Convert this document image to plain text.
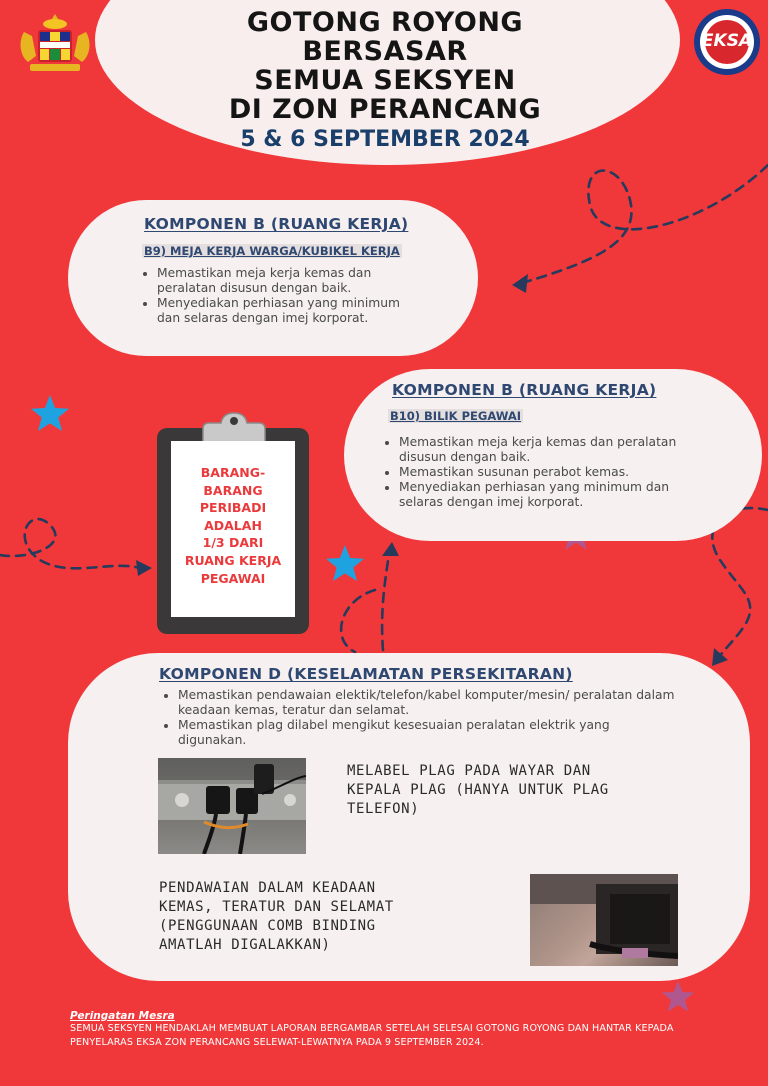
EKSA
GOTONG ROYONG
BERSASAR
SEMUA SEKSYEN
DI ZON PERANCANG
5 & 6 SEPTEMBER 2024
KOMPONEN B (RUANG KERJA)
B9) MEJA KERJA WARGA/KUBIKEL KERJA
• Memastikan meja kerja kemas dan peralatan disusun dengan baik.
• Menyediakan perhiasan yang minimum dan selaras dengan imej korporat.
KOMPONEN B (RUANG KERJA)
B10) BILIK PEGAWAI
• Memastikan meja kerja kemas dan peralatan disusun dengan baik.
• Memastikan susunan perabot kemas.
• Menyediakan perhiasan yang minimum dan selaras dengan imej korporat.
BARANG-
BARANG
PERIBADI
ADALAH
1/3 DARI
RUANG KERJA
PEGAWAI
KOMPONEN D (KESELAMATAN PERSEKITARAN)
• Memastikan pendawaian elektik/telefon/kabel komputer/mesin/ peralatan dalam keadaan kemas, teratur dan selamat.
• Memastikan plag dilabel mengikut kesesuaian peralatan elektrik yang digunakan.
MELABEL PLAG PADA WAYAR DAN
KEPALA PLAG (HANYA UNTUK PLAG
TELEFON)
PENDAWAIAN DALAM KEADAAN
KEMAS, TERATUR DAN SELAMAT
(PENGGUNAAN COMB BINDING
AMATLAH DIGALAKKAN)
Peringatan Mesra
SEMUA SEKSYEN HENDAKLAH MEMBUAT LAPORAN BERGAMBAR SETELAH SELESAI GOTONG ROYONG DAN HANTAR KEPADA PENYELARAS EKSA ZON PERANCANG SELEWAT-LEWATNYA PADA 9 SEPTEMBER 2024.
